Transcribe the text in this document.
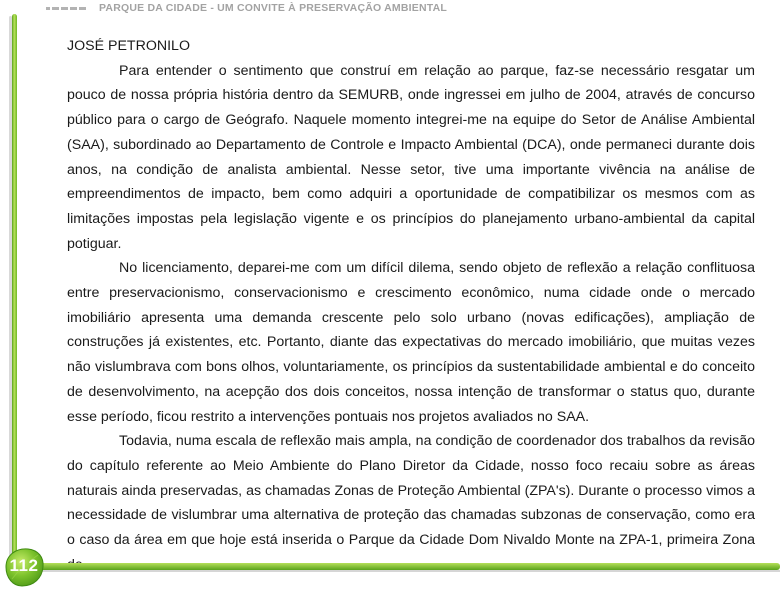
PARQUE DA CIDADE - UM CONVITE À PRESERVAÇÃO AMBIENTAL

JOSÉ PETRONILO

Para entender o sentimento que construí em relação ao parque, faz-se necessário resgatar um pouco de nossa própria história dentro da SEMURB, onde ingressei em julho de 2004, através de concurso público para o cargo de Geógrafo. Naquele momento integrei-me na equipe do Setor de Análise Ambiental (SAA), subordinado ao Departamento de Controle e Impacto Ambiental (DCA), onde permaneci durante dois anos, na condição de analista ambiental. Nesse setor, tive uma importante vivência na análise de empreendimentos de impacto, bem como adquiri a oportunidade de compatibilizar os mesmos com as limitações impostas pela legislação vigente e os princípios do planejamento urbano-ambiental da capital potiguar.

No licenciamento, deparei-me com um difícil dilema, sendo objeto de reflexão a relação conflituosa entre preservacionismo, conservacionismo e crescimento econômico, numa cidade onde o mercado imobiliário apresenta uma demanda crescente pelo solo urbano (novas edificações), ampliação de construções já existentes, etc. Portanto, diante das expectativas do mercado imobiliário, que muitas vezes não vislumbrava com bons olhos, voluntariamente, os princípios da sustentabilidade ambiental e do conceito de desenvolvimento, na acepção dos dois conceitos, nossa intenção de transformar o status quo, durante esse período, ficou restrito a intervenções pontuais nos projetos avaliados no SAA.

Todavia, numa escala de reflexão mais ampla, na condição de coordenador dos trabalhos da revisão do capítulo referente ao Meio Ambiente do Plano Diretor da Cidade, nosso foco recaiu sobre as áreas naturais ainda preservadas, as chamadas Zonas de Proteção Ambiental (ZPA's). Durante o processo vimos a necessidade de vislumbrar uma alternativa de proteção das chamadas subzonas de conservação, como era o caso da área em que hoje está inserida o Parque da Cidade Dom Nivaldo Monte na ZPA-1, primeira Zona

112
